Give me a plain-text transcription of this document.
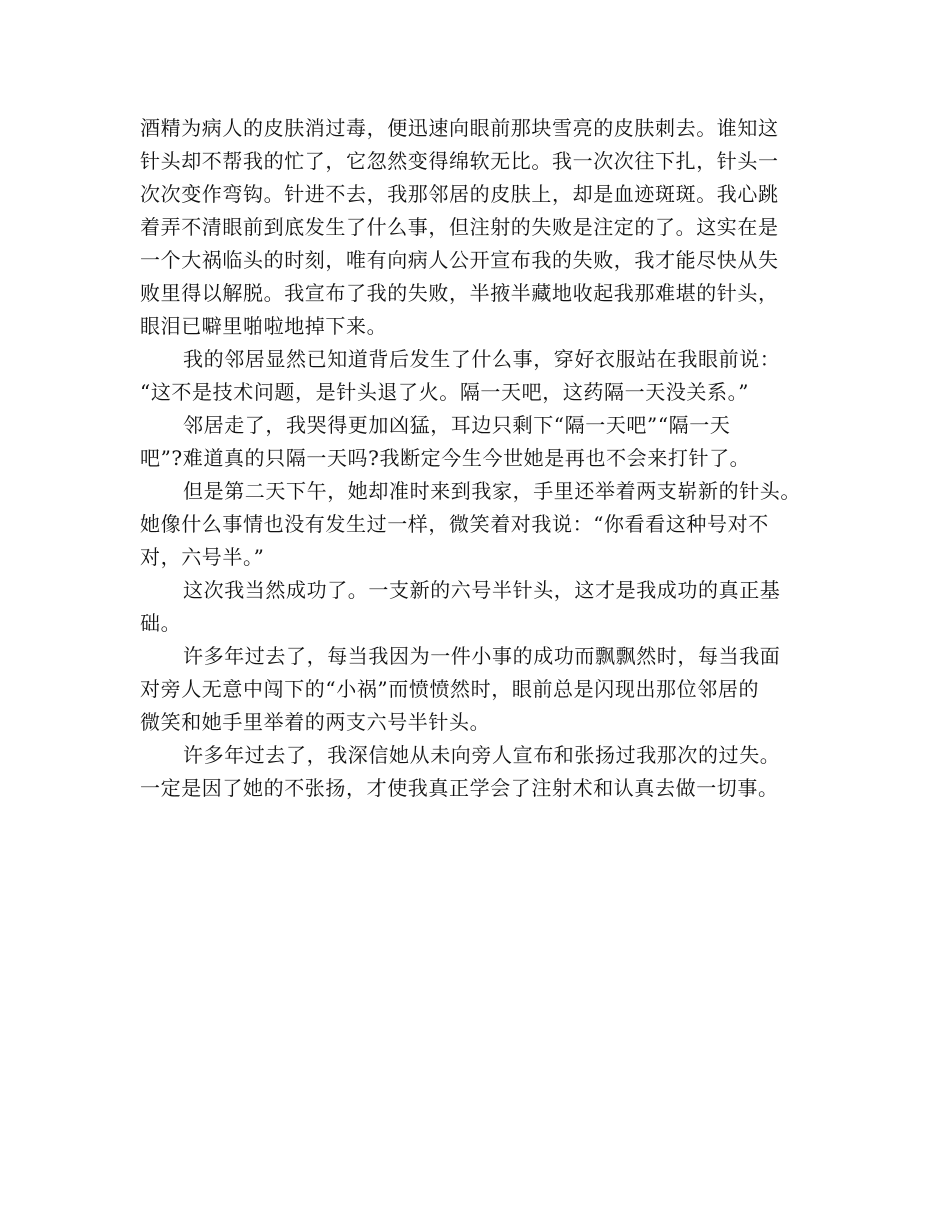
酒精为病人的皮肤消过毒，便迅速向眼前那块雪亮的皮肤刺去。谁知这
针头却不帮我的忙了，它忽然变得绵软无比。我一次次往下扎，针头一
次次变作弯钩。针进不去，我那邻居的皮肤上，却是血迹斑斑。我心跳
着弄不清眼前到底发生了什么事，但注射的失败是注定的了。这实在是
一个大祸临头的时刻，唯有向病人公开宣布我的失败，我才能尽快从失
败里得以解脱。我宣布了我的失败，半掖半藏地收起我那难堪的针头，
眼泪已噼里啪啦地掉下来。
我的邻居显然已知道背后发生了什么事，穿好衣服站在我眼前说：
“这不是技术问题，是针头退了火。隔一天吧，这药隔一天没关系。”
邻居走了，我哭得更加凶猛，耳边只剩下“隔一天吧”“隔一天
吧”?难道真的只隔一天吗?我断定今生今世她是再也不会来打针了。
但是第二天下午，她却准时来到我家，手里还举着两支崭新的针头。
她像什么事情也没有发生过一样，微笑着对我说：“你看看这种号对不
对，六号半。”
这次我当然成功了。一支新的六号半针头，这才是我成功的真正基
础。
许多年过去了，每当我因为一件小事的成功而飘飘然时，每当我面
对旁人无意中闯下的“小祸”而愤愤然时，眼前总是闪现出那位邻居的
微笑和她手里举着的两支六号半针头。
许多年过去了，我深信她从未向旁人宣布和张扬过我那次的过失。
一定是因了她的不张扬，才使我真正学会了注射术和认真去做一切事。
